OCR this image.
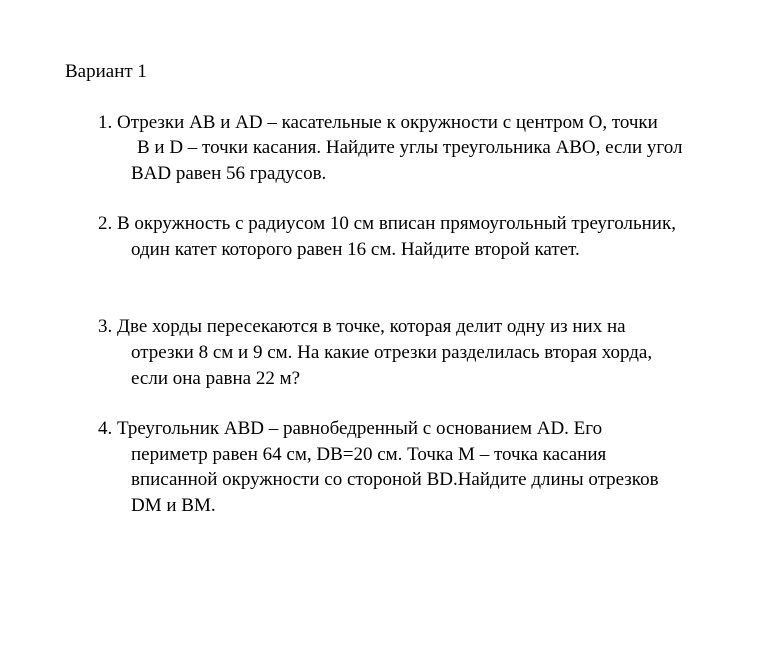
Вариант 1
1. Отрезки AB и AD – касательные к окружности с центром O, точки
B и D – точки касания. Найдите углы треугольника ABO, если угол
BAD равен 56 градусов.
2. В окружность с радиусом 10 см вписан прямоугольный треугольник,
один катет которого равен 16 см. Найдите второй катет.
3. Две хорды пересекаются в точке, которая делит одну из них на
отрезки 8 см и 9 см. На какие отрезки разделилась вторая хорда,
если она равна 22 м?
4. Треугольник ABD – равнобедренный с основанием AD. Его
периметр равен 64 см, DB=20 см. Точка M – точка касания
вписанной окружности со стороной BD.Найдите длины отрезков
DM и BM.
